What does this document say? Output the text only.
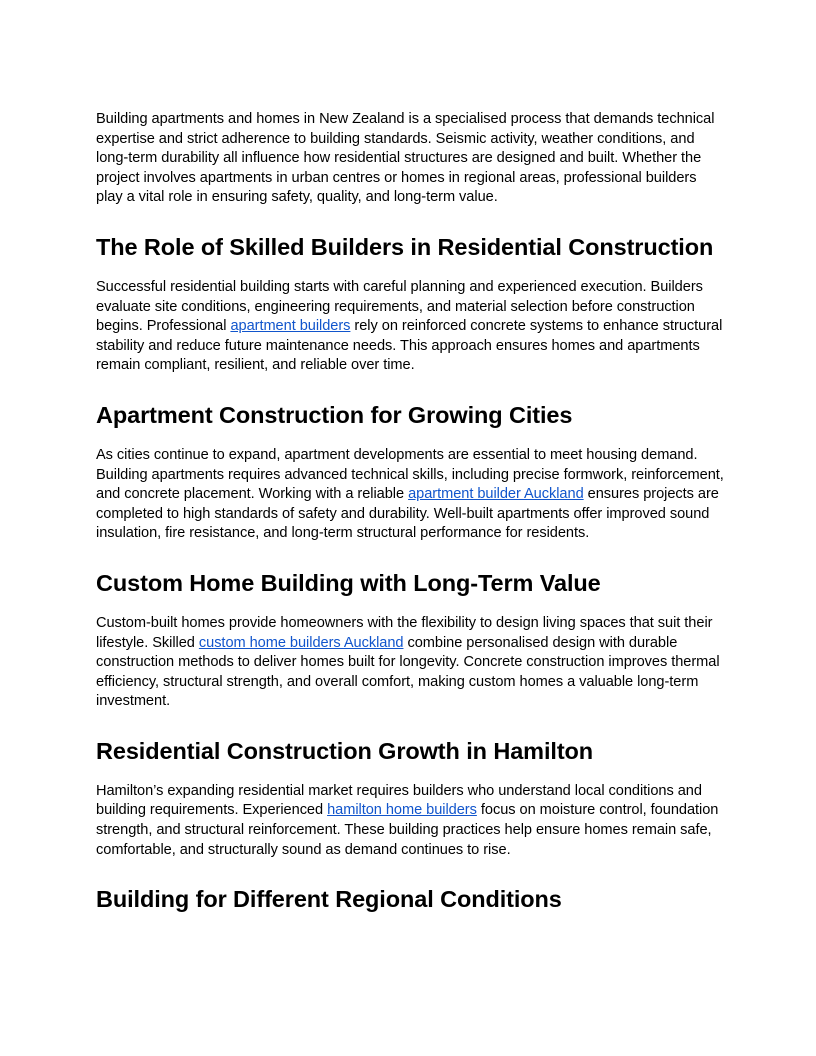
Building apartments and homes in New Zealand is a specialised process that demands technical expertise and strict adherence to building standards. Seismic activity, weather conditions, and long-term durability all influence how residential structures are designed and built. Whether the project involves apartments in urban centres or homes in regional areas, professional builders play a vital role in ensuring safety, quality, and long-term value.

The Role of Skilled Builders in Residential Construction

Successful residential building starts with careful planning and experienced execution. Builders evaluate site conditions, engineering requirements, and material selection before construction begins. Professional apartment builders rely on reinforced concrete systems to enhance structural stability and reduce future maintenance needs. This approach ensures homes and apartments remain compliant, resilient, and reliable over time.

Apartment Construction for Growing Cities

As cities continue to expand, apartment developments are essential to meet housing demand. Building apartments requires advanced technical skills, including precise formwork, reinforcement, and concrete placement. Working with a reliable apartment builder Auckland ensures projects are completed to high standards of safety and durability. Well-built apartments offer improved sound insulation, fire resistance, and long-term structural performance for residents.

Custom Home Building with Long-Term Value

Custom-built homes provide homeowners with the flexibility to design living spaces that suit their lifestyle. Skilled custom home builders Auckland combine personalised design with durable construction methods to deliver homes built for longevity. Concrete construction improves thermal efficiency, structural strength, and overall comfort, making custom homes a valuable long-term investment.

Residential Construction Growth in Hamilton

Hamilton’s expanding residential market requires builders who understand local conditions and building requirements. Experienced hamilton home builders focus on moisture control, foundation strength, and structural reinforcement. These building practices help ensure homes remain safe, comfortable, and structurally sound as demand continues to rise.

Building for Different Regional Conditions
